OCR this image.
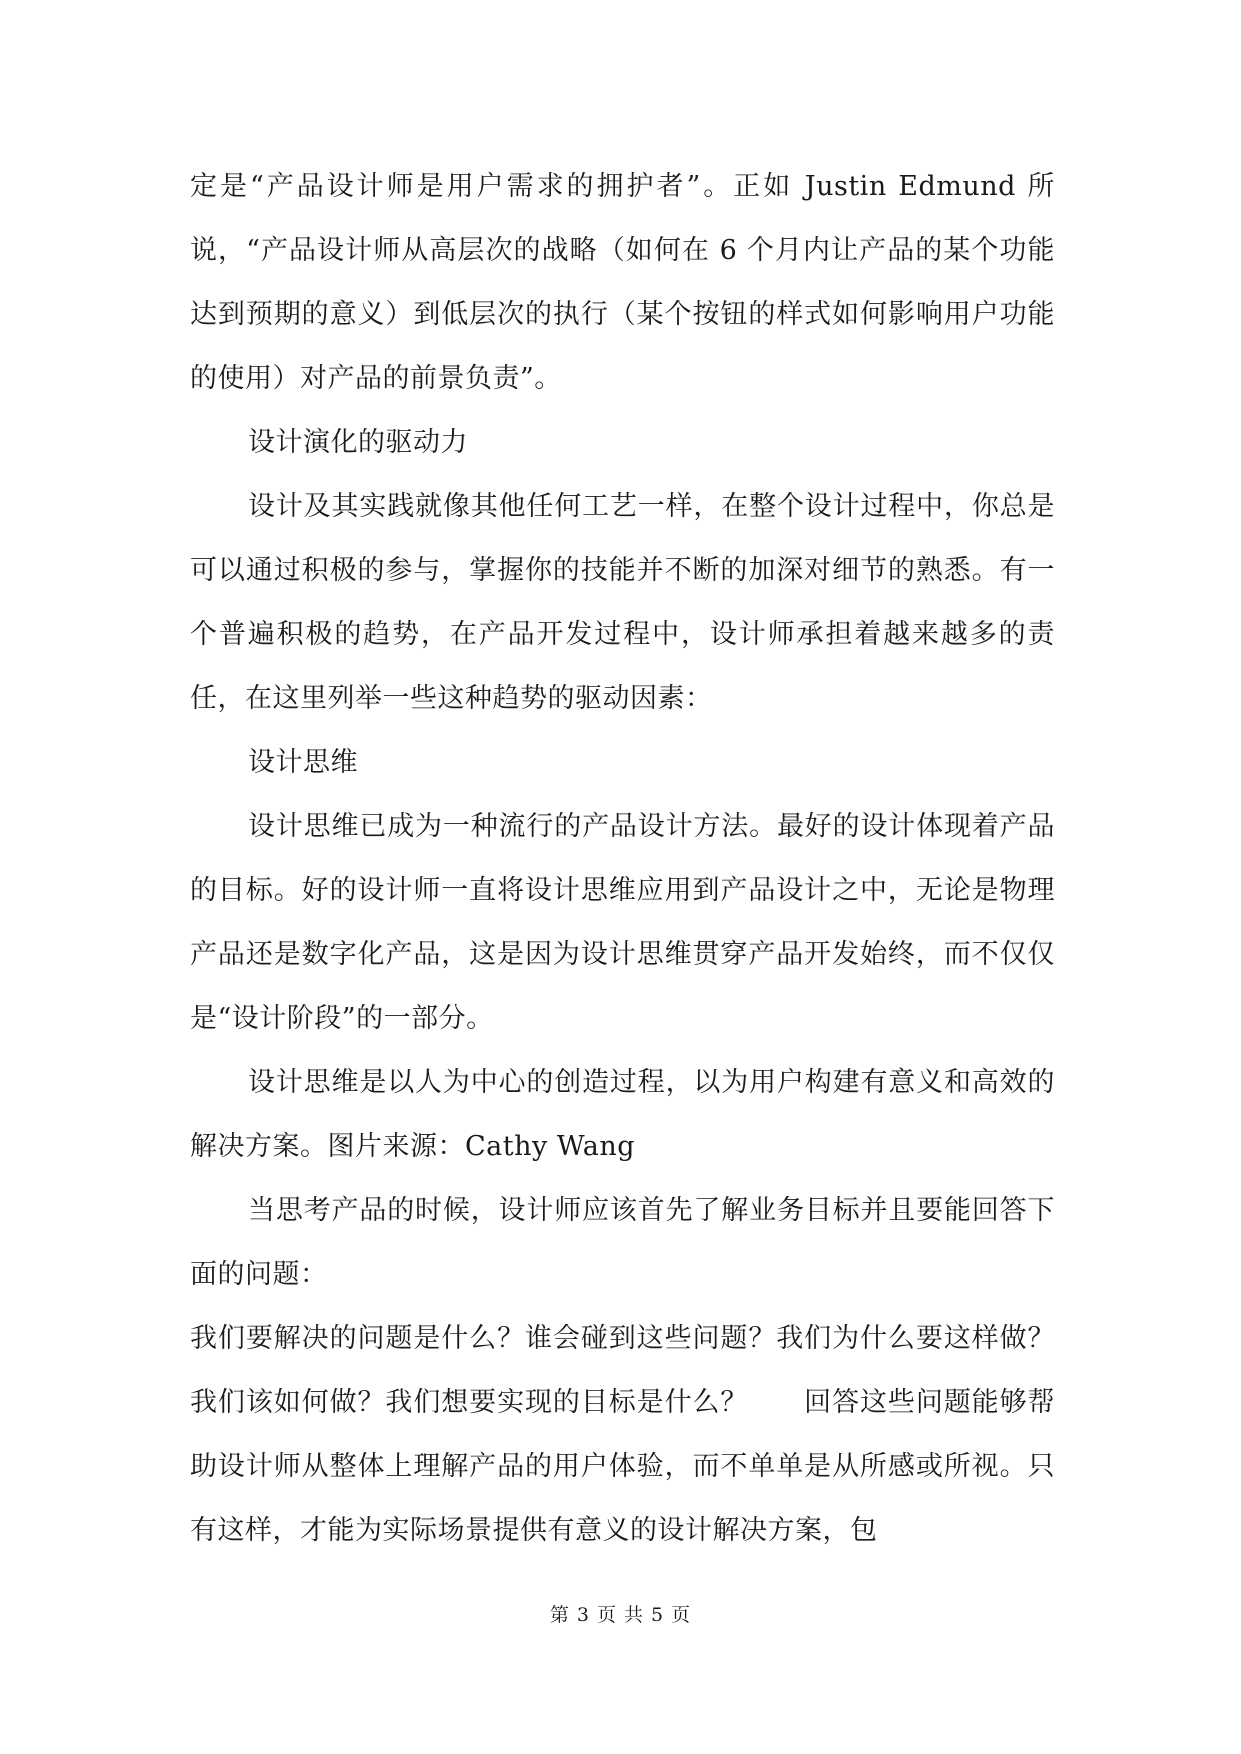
定是“产品设计师是用户需求的拥护者”。正如 Justin Edmund 所说，“产品设计师从高层次的战略（如何在 6 个月内让产品的某个功能达到预期的意义）到低层次的执行（某个按钮的样式如何影响用户功能的使用）对产品的前景负责”。

设计演化的驱动力

设计及其实践就像其他任何工艺一样，在整个设计过程中，你总是可以通过积极的参与，掌握你的技能并不断的加深对细节的熟悉。有一个普遍积极的趋势，在产品开发过程中，设计师承担着越来越多的责任，在这里列举一些这种趋势的驱动因素：

设计思维

设计思维已成为一种流行的产品设计方法。最好的设计体现着产品的目标。好的设计师一直将设计思维应用到产品设计之中，无论是物理产品还是数字化产品，这是因为设计思维贯穿产品开发始终，而不仅仅是“设计阶段”的一部分。

设计思维是以人为中心的创造过程，以为用户构建有意义和高效的解决方案。图片来源：Cathy Wang

当思考产品的时候，设计师应该首先了解业务目标并且要能回答下面的问题：

我们要解决的问题是什么？谁会碰到这些问题？我们为什么要这样做？我们该如何做？我们想要实现的目标是什么？　　回答这些问题能够帮助设计师从整体上理解产品的用户体验，而不单单是从所感或所视。只有这样，才能为实际场景提供有意义的设计解决方案，包

第 3 页 共 5 页
